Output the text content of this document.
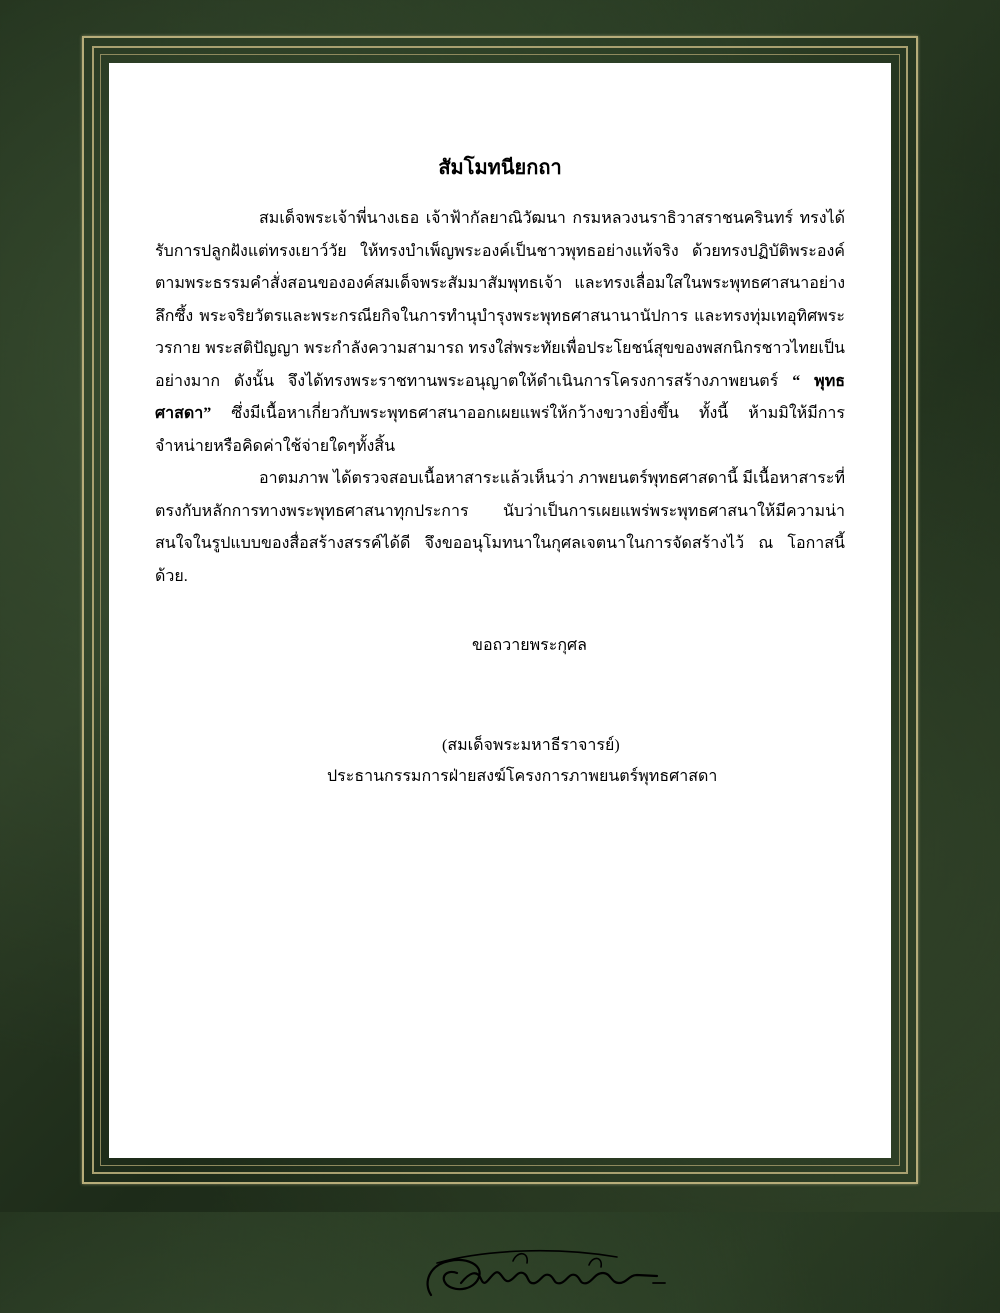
สัมโมทนียกถา

สมเด็จพระเจ้าพี่นางเธอ เจ้าฟ้ากัลยาณิวัฒนา กรมหลวงนราธิวาสราชนครินทร์ ทรงได้รับการปลูกฝังแต่ทรงเยาว์วัย ให้ทรงบำเพ็ญพระองค์เป็นชาวพุทธอย่างแท้จริง ด้วยทรงปฏิบัติพระองค์ตามพระธรรมคำสั่งสอนขององค์สมเด็จพระสัมมาสัมพุทธเจ้า และทรงเลื่อมใสในพระพุทธศาสนาอย่างลึกซึ้ง พระจริยวัตรและพระกรณียกิจในการทำนุบำรุงพระพุทธศาสนานานัปการ และทรงทุ่มเทอุทิศพระวรกาย พระสติปัญญา พระกำลังความสามารถ ทรงใส่พระทัยเพื่อประโยชน์สุขของพสกนิกรชาวไทยเป็นอย่างมาก ดังนั้น จึงได้ทรงพระราชทานพระอนุญาตให้ดำเนินการโครงการสร้างภาพยนตร์ “ พุทธศาสดา” ซึ่งมีเนื้อหาเกี่ยวกับพระพุทธศาสนาออกเผยแพร่ให้กว้างขวางยิ่งขึ้น ทั้งนี้ ห้ามมิให้มีการจำหน่ายหรือคิดค่าใช้จ่ายใดๆทั้งสิ้น

อาตมภาพ ได้ตรวจสอบเนื้อหาสาระแล้วเห็นว่า ภาพยนตร์พุทธศาสดานี้ มีเนื้อหาสาระที่ตรงกับหลักการทางพระพุทธศาสนาทุกประการ นับว่าเป็นการเผยแพร่พระพุทธศาสนาให้มีความน่าสนใจในรูปแบบของสื่อสร้างสรรค์ได้ดี จึงขออนุโมทนาในกุศลเจตนาในการจัดสร้างไว้ ณ โอกาสนี้ด้วย.

ขอถวายพระกุศล
(สมเด็จพระมหาธีราจารย์)
ประธานกรรมการฝ่ายสงฆ์โครงการภาพยนตร์พุทธศาสดา
